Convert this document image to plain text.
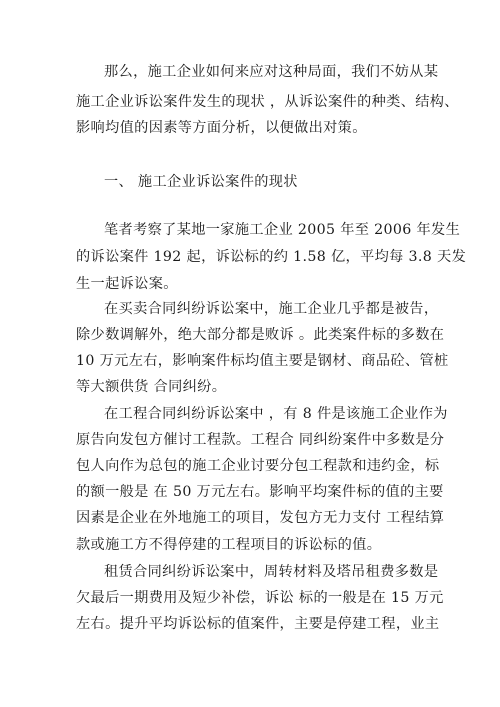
那么，施工企业如何来应对这种局面，我们不妨从某
施工企业诉讼案件发生的现状 ，从诉讼案件的种类、结构、
影响均值的因素等方面分析，以便做出对策。
一、 施工企业诉讼案件的现状
笔者考察了某地一家施工企业 2005 年至 2006 年发生
的诉讼案件 192 起，诉讼标的约 1.58 亿，平均每 3.8 天发
生一起诉讼案。
在买卖合同纠纷诉讼案中，施工企业几乎都是被告，
除少数调解外，绝大部分都是败诉 。此类案件标的多数在
10 万元左右，影响案件标均值主要是钢材、商品砼、管桩
等大额供货 合同纠纷。
在工程合同纠纷诉讼案中 ，有 8 件是该施工企业作为
原告向发包方催讨工程款。工程合 同纠纷案件中多数是分
包人向作为总包的施工企业讨要分包工程款和违约金，标
的额一般是 在 50 万元左右。影响平均案件标的值的主要
因素是企业在外地施工的项目，发包方无力支付 工程结算
款或施工方不得停建的工程项目的诉讼标的值。
租赁合同纠纷诉讼案中，周转材料及塔吊租费多数是
欠最后一期费用及短少补偿，诉讼 标的一般是在 15 万元
左右。提升平均诉讼标的值案件，主要是停建工程，业主
